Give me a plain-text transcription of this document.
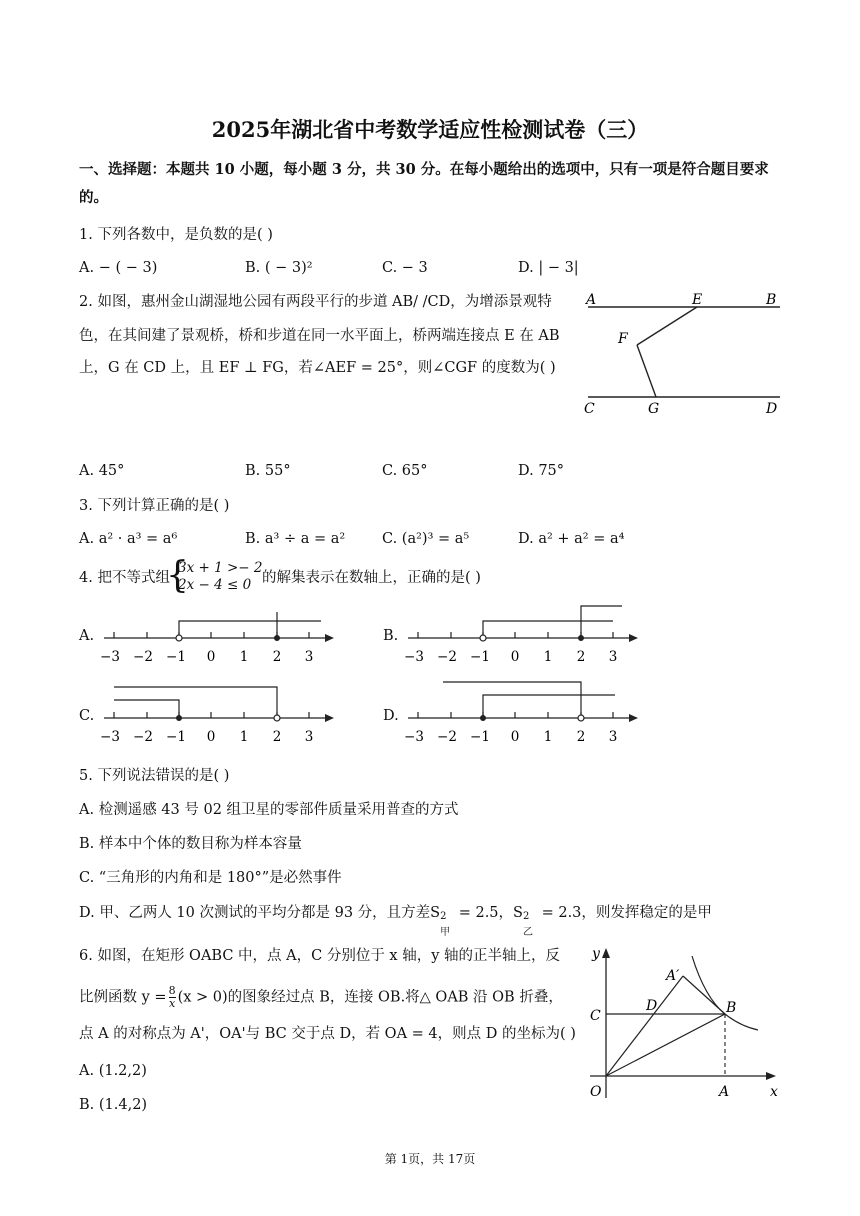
2025年湖北省中考数学适应性检测试卷（三）
一、选择题：本题共 10 小题，每小题 3 分，共 30 分。在每小题给出的选项中，只有一项是符合题目要求
的。
1. 下列各数中，是负数的是( )
A. − ( − 3)	B. ( − 3)²	C. − 3	D. | − 3|
2. 如图，惠州金山湖湿地公园有两段平行的步道 AB/ /CD，为增添景观特
色，在其间建了景观桥，桥和步道在同一水平面上，桥两端连接点 E 在 AB
上，G 在 CD 上，且 EF ⊥ FG，若∠AEF = 25°，则∠CGF 的度数为( )
A	E	B
F
C	G	D
A. 45°	B. 55°	C. 65°	D. 75°
3. 下列计算正确的是( )
A. a² · a³ = a⁶	B. a³ ÷ a = a²	C. (a²)³ = a⁵	D. a² + a² = a⁴
4. 把不等式组
{
3x + 1 >− 2
2x − 4 ≤ 0 的解集表示在数轴上，正确的是( )
A.
−3 −2 −1 0 1 2 3
B.
−3 −2 −1 0 1 2 3
C.
−3 −2 −1 0 1 2 3
D.
−3 −2 −1 0 1 2 3
5. 下列说法错误的是( )
A. 检测遥感 43 号 02 组卫星的零部件质量采用普查的方式
B. 样本中个体的数目称为样本容量
C. “三角形的内角和是 180°”是必然事件
D. 甲、乙两人 10 次测试的平均分都是 93 分，且方差S 2
甲
= 2.5，S 2
乙
= 2.3，则发挥稳定的是甲
6. 如图，在矩形 OABC 中，点 A，C 分别位于 x 轴，y 轴的正半轴上，反
比例函数 $y = \frac{8}{x} (x > 0)$的图象经过点 B，连接 OB.将△ OAB 沿 OB 折叠，
点 A 的对称点为 A'，OA'与 BC 交于点 D，若 OA = 4，则点 D 的坐标为( )
A. (1.2,2)
B. (1.4,2)
y
x
O	A
C
D	B
A′
第 1页，共 17页
